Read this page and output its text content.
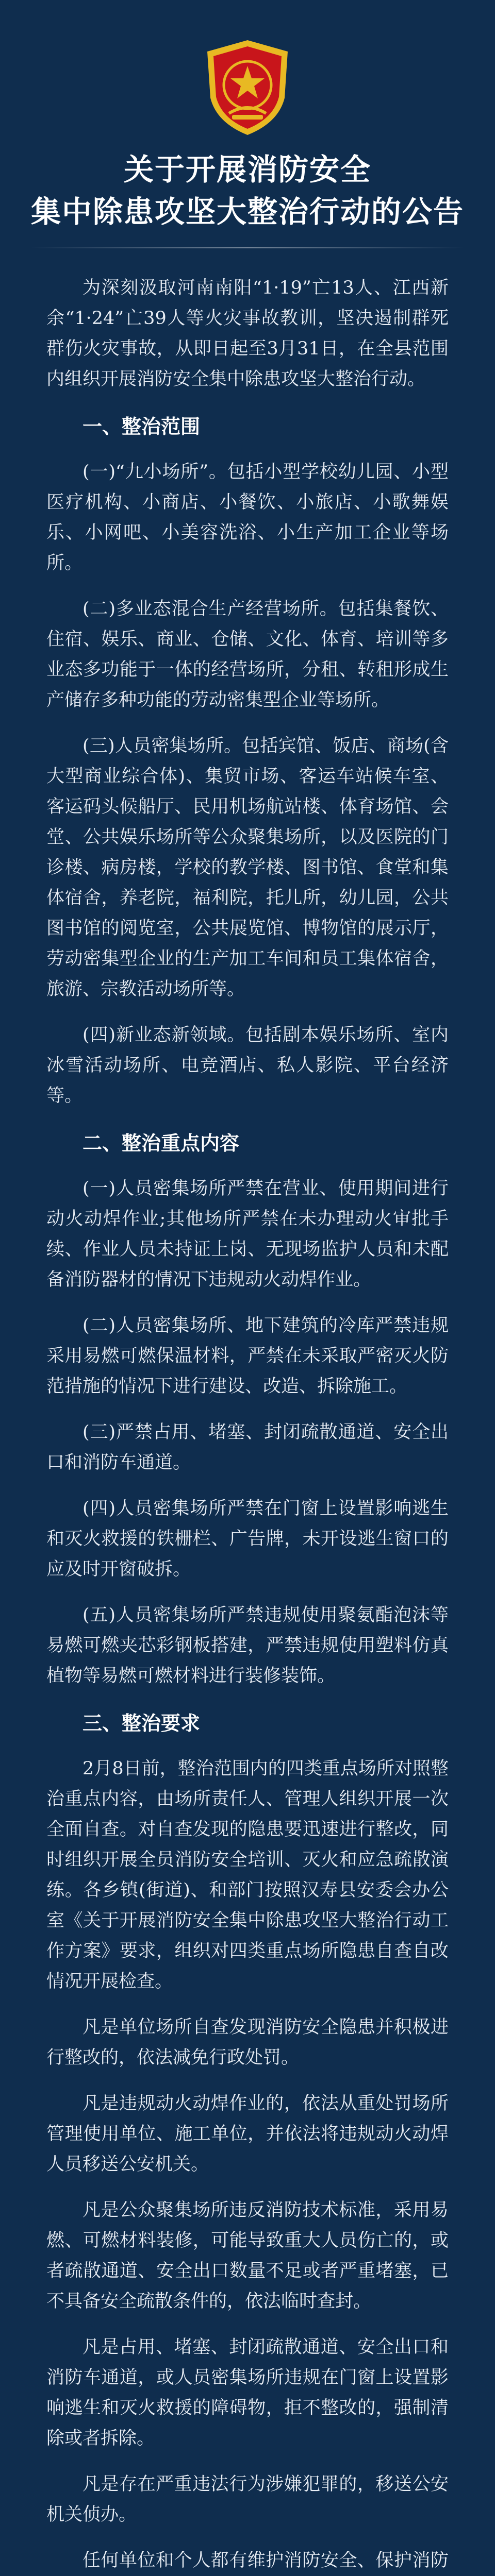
关于开展消防安全
集中除患攻坚大整治行动的公告

为深刻汲取河南南阳“1·19”亡13人、江西新余“1·24”亡39人等火灾事故教训，坚决遏制群死群伤火灾事故，从即日起至3月31日，在全县范围内组织开展消防安全集中除患攻坚大整治行动。

一、整治范围

(一)“九小场所”。包括小型学校幼儿园、小型医疗机构、小商店、小餐饮、小旅店、小歌舞娱乐、小网吧、小美容洗浴、小生产加工企业等场所。

(二)多业态混合生产经营场所。包括集餐饮、住宿、娱乐、商业、仓储、文化、体育、培训等多业态多功能于一体的经营场所，分租、转租形成生产储存多种功能的劳动密集型企业等场所。

(三)人员密集场所。包括宾馆、饭店、商场(含大型商业综合体)、集贸市场、客运车站候车室、客运码头候船厅、民用机场航站楼、体育场馆、会堂、公共娱乐场所等公众聚集场所，以及医院的门诊楼、病房楼，学校的教学楼、图书馆、食堂和集体宿舍，养老院，福利院，托儿所，幼儿园，公共图书馆的阅览室，公共展览馆、博物馆的展示厅，劳动密集型企业的生产加工车间和员工集体宿舍，旅游、宗教活动场所等。

(四)新业态新领域。包括剧本娱乐场所、室内冰雪活动场所、电竞酒店、私人影院、平台经济等。

二、整治重点内容

(一)人员密集场所严禁在营业、使用期间进行动火动焊作业;其他场所严禁在未办理动火审批手续、作业人员未持证上岗、无现场监护人员和未配备消防器材的情况下违规动火动焊作业。

(二)人员密集场所、地下建筑的冷库严禁违规采用易燃可燃保温材料，严禁在未采取严密灭火防范措施的情况下进行建设、改造、拆除施工。

(三)严禁占用、堵塞、封闭疏散通道、安全出口和消防车通道。

(四)人员密集场所严禁在门窗上设置影响逃生和灭火救援的铁栅栏、广告牌，未开设逃生窗口的应及时开窗破拆。

(五)人员密集场所严禁违规使用聚氨酯泡沫等易燃可燃夹芯彩钢板搭建，严禁违规使用塑料仿真植物等易燃可燃材料进行装修装饰。

三、整治要求

2月8日前，整治范围内的四类重点场所对照整治重点内容，由场所责任人、管理人组织开展一次全面自查。对自查发现的隐患要迅速进行整改，同时组织开展全员消防安全培训、灭火和应急疏散演练。各乡镇(街道)、和部门按照汉寿县安委会办公室《关于开展消防安全集中除患攻坚大整治行动工作方案》要求，组织对四类重点场所隐患自查自改情况开展检查。

凡是单位场所自查发现消防安全隐患并积极进行整改的，依法减免行政处罚。

凡是违规动火动焊作业的，依法从重处罚场所管理使用单位、施工单位，并依法将违规动火动焊人员移送公安机关。

凡是公众聚集场所违反消防技术标准，采用易燃、可燃材料装修，可能导致重大人员伤亡的，或者疏散通道、安全出口数量不足或者严重堵塞，已不具备安全疏散条件的，依法临时查封。

凡是占用、堵塞、封闭疏散通道、安全出口和消防车通道，或人员密集场所违规在门窗上设置影响逃生和灭火救援的障碍物，拒不整改的，强制清除或者拆除。

凡是存在严重违法行为涉嫌犯罪的，移送公安机关侦办。

任何单位和个人都有维护消防安全、保护消防
